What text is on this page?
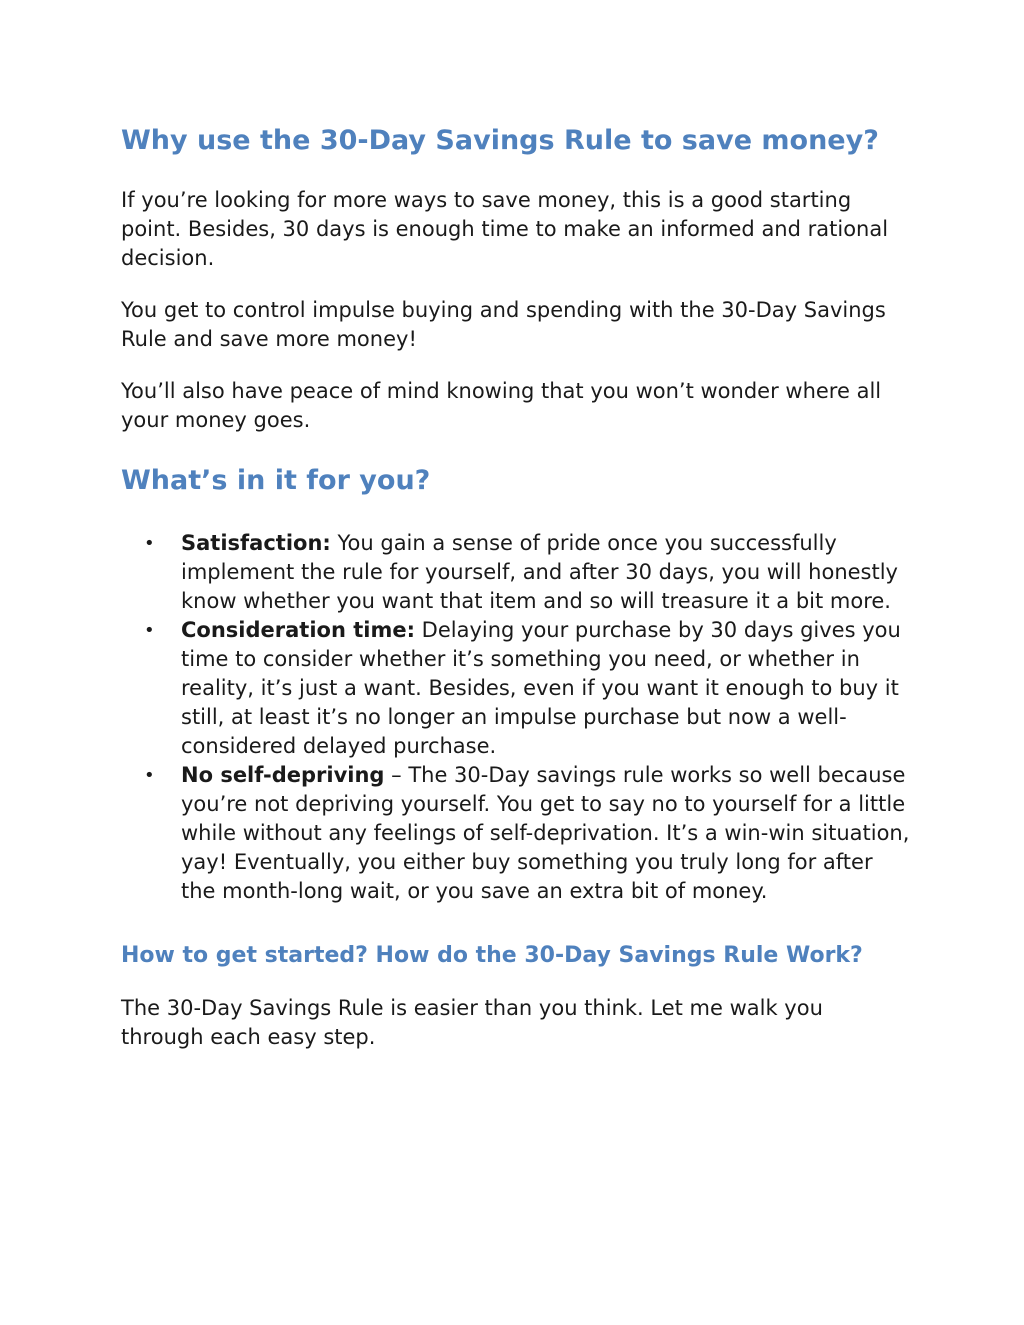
Why use the 30-Day Savings Rule to save money?

If you’re looking for more ways to save money, this is a good starting point. Besides, 30 days is enough time to make an informed and rational decision.

You get to control impulse buying and spending with the 30-Day Savings Rule and save more money!

You’ll also have peace of mind knowing that you won’t wonder where all your money goes.

What’s in it for you?
• Satisfaction: You gain a sense of pride once you successfully implement the rule for yourself, and after 30 days, you will honestly know whether you want that item and so will treasure it a bit more.
• Consideration time: Delaying your purchase by 30 days gives you time to consider whether it’s something you need, or whether in reality, it’s just a want. Besides, even if you want it enough to buy it still, at least it’s no longer an impulse purchase but now a well-considered delayed purchase.
• No self-depriving – The 30-Day savings rule works so well because you’re not depriving yourself. You get to say no to yourself for a little while without any feelings of self-deprivation. It’s a win-win situation, yay! Eventually, you either buy something you truly long for after the month-long wait, or you save an extra bit of money.
How to get started? How do the 30-Day Savings Rule Work?

The 30-Day Savings Rule is easier than you think. Let me walk you through each easy step.
